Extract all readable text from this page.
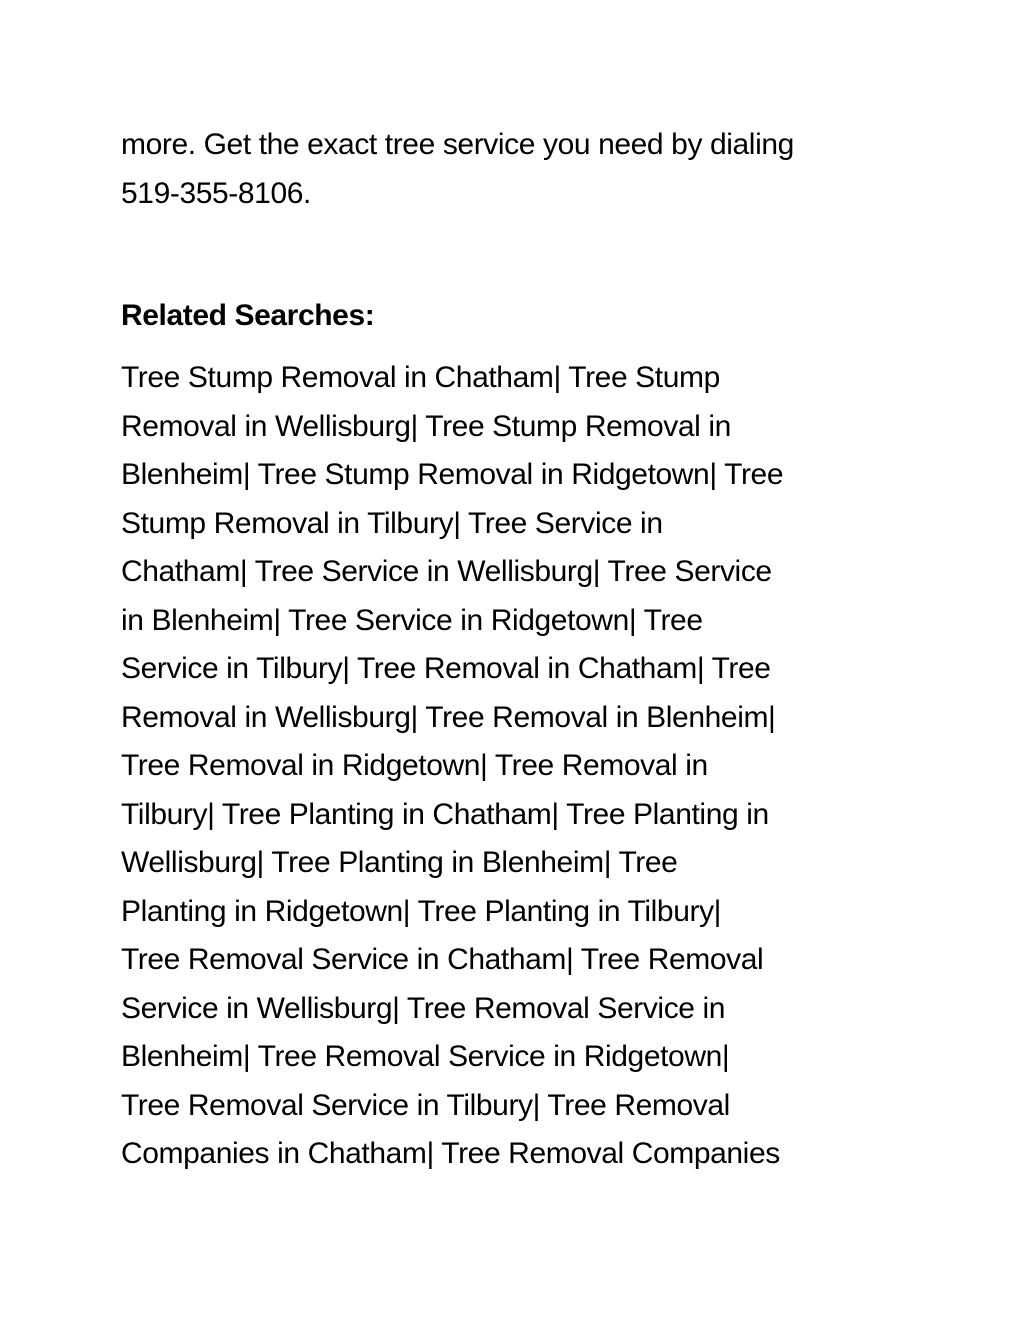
more. Get the exact tree service you need by dialing

519-355-8106.

Related Searches:

Tree Stump Removal in Chatham| Tree Stump

Removal in Wellisburg| Tree Stump Removal in

Blenheim| Tree Stump Removal in Ridgetown| Tree

Stump Removal in Tilbury| Tree Service in

Chatham| Tree Service in Wellisburg| Tree Service

in Blenheim| Tree Service in Ridgetown| Tree

Service in Tilbury| Tree Removal in Chatham| Tree

Removal in Wellisburg| Tree Removal in Blenheim|

Tree Removal in Ridgetown| Tree Removal in

Tilbury| Tree Planting in Chatham| Tree Planting in

Wellisburg| Tree Planting in Blenheim| Tree

Planting in Ridgetown| Tree Planting in Tilbury|

Tree Removal Service in Chatham| Tree Removal

Service in Wellisburg| Tree Removal Service in

Blenheim| Tree Removal Service in Ridgetown|

Tree Removal Service in Tilbury| Tree Removal

Companies in Chatham| Tree Removal Companies
